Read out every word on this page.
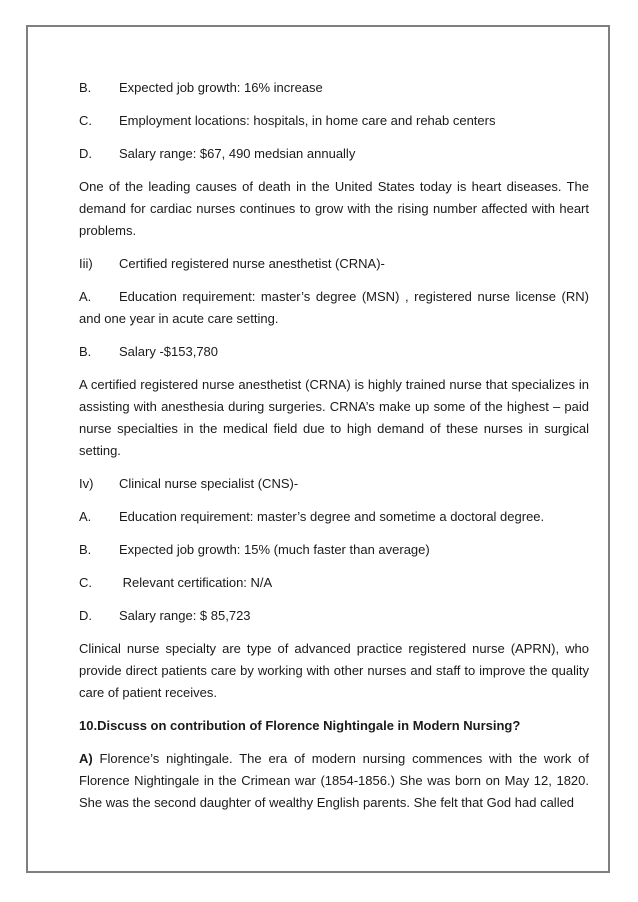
B.	Expected job growth: 16% increase
C.	Employment locations: hospitals, in home care and rehab centers
D.	Salary range: $67, 490 medsian annually

One of the leading causes of death in the United States today is heart diseases. The demand for cardiac nurses continues to grow with the rising number affected with heart problems.

Iii)	Certified registered nurse anesthetist (CRNA)-

A. Education requirement: master’s degree (MSN) , registered nurse license (RN) and one year in acute care setting.

B.	Salary -$153,780

A certified registered nurse anesthetist (CRNA) is highly trained nurse that specializes in assisting with anesthesia during surgeries. CRNA’s make up some of the highest – paid nurse specialties in the medical field due to high demand of these nurses in surgical setting.

Iv)	Clinical nurse specialist (CNS)-
A.	Education requirement: master’s degree and sometime a doctoral degree.
B.	Expected job growth: 15% (much faster than average)
C.	Relevant certification: N/A
D.	Salary range: $ 85,723

Clinical nurse specialty are type of advanced practice registered nurse (APRN), who provide direct patients care by working with other nurses and staff to improve the quality care of patient receives.

10.Discuss on contribution of Florence Nightingale in Modern Nursing?

A) Florence’s nightingale. The era of modern nursing commences with the work of Florence Nightingale in the Crimean war (1854-1856.) She was born on May 12, 1820. She was the second daughter of wealthy English parents. She felt that God had called
